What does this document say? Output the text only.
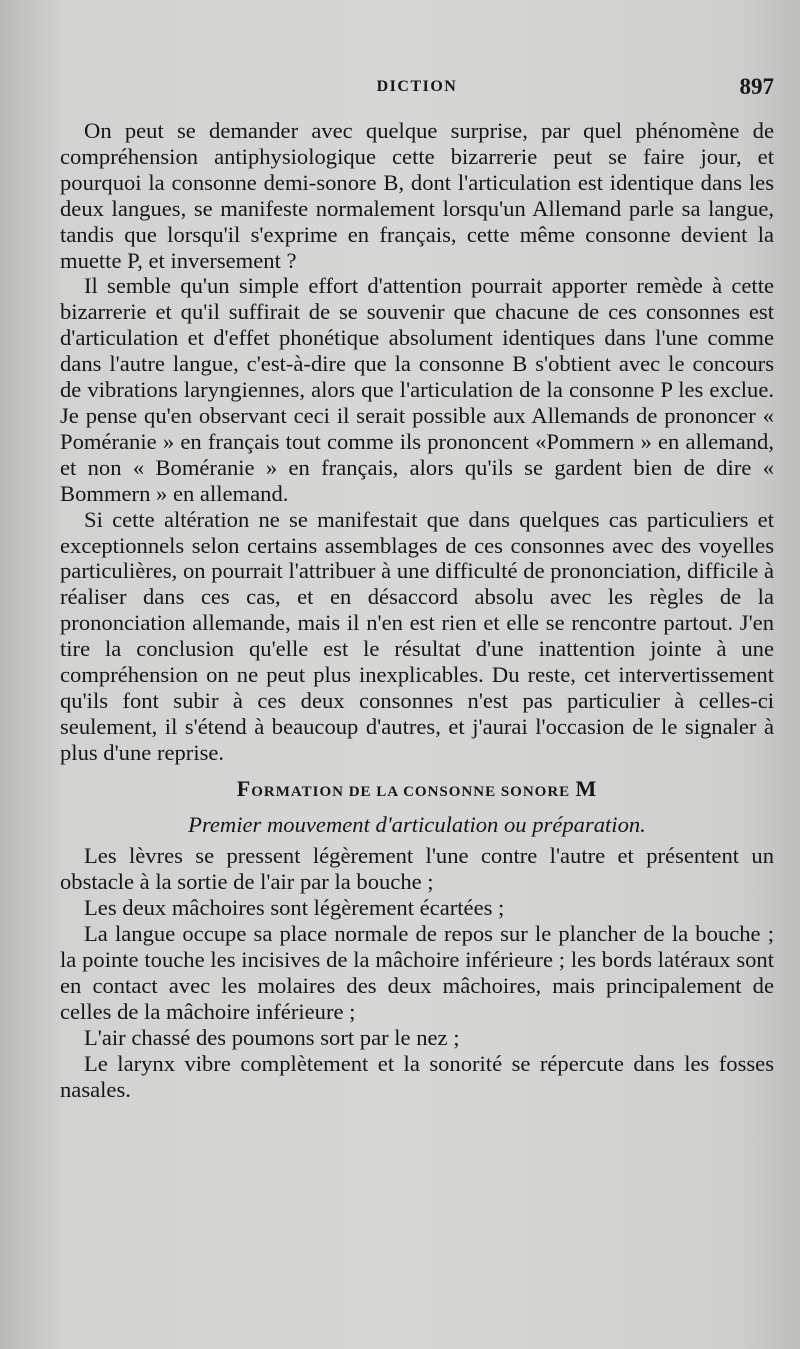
DICTION	897

On peut se demander avec quelque surprise, par quel phénomène de compréhension antiphysiologique cette bizarrerie peut se faire jour, et pourquoi la consonne demi-sonore B, dont l'articulation est identique dans les deux langues, se manifeste normalement lorsqu'un Allemand parle sa langue, tandis que lorsqu'il s'exprime en français, cette même consonne devient la muette P, et inversement ?

Il semble qu'un simple effort d'attention pourrait apporter remède à cette bizarrerie et qu'il suffirait de se souvenir que chacune de ces consonnes est d'articulation et d'effet phonétique absolument identiques dans l'une comme dans l'autre langue, c'est-à-dire que la consonne B s'obtient avec le concours de vibrations laryngiennes, alors que l'articulation de la consonne P les exclue. Je pense qu'en observant ceci il serait possible aux Allemands de prononcer « Poméranie » en français tout comme ils prononcent «Pommern » en allemand, et non « Boméranie » en français, alors qu'ils se gardent bien de dire « Bommern » en allemand.

Si cette altération ne se manifestait que dans quelques cas particuliers et exceptionnels selon certains assemblages de ces consonnes avec des voyelles particulières, on pourrait l'attribuer à une difficulté de prononciation, difficile à réaliser dans ces cas, et en désaccord absolu avec les règles de la prononciation allemande, mais il n'en est rien et elle se rencontre partout. J'en tire la conclusion qu'elle est le résultat d'une inattention jointe à une compréhension on ne peut plus inexplicables. Du reste, cet intervertissement qu'ils font subir à ces deux consonnes n'est pas particulier à celles-ci seulement, il s'étend à beaucoup d'autres, et j'aurai l'occasion de le signaler à plus d'une reprise.

FORMATION DE LA CONSONNE SONORE M
Premier mouvement d'articulation ou préparation.

Les lèvres se pressent légèrement l'une contre l'autre et présentent un obstacle à la sortie de l'air par la bouche ;

Les deux mâchoires sont légèrement écartées ;

La langue occupe sa place normale de repos sur le plancher de la bouche ; la pointe touche les incisives de la mâchoire inférieure ; les bords latéraux sont en contact avec les molaires des deux mâchoires, mais principalement de celles de la mâchoire inférieure ;

L'air chassé des poumons sort par le nez ;

Le larynx vibre complètement et la sonorité se répercute dans les fosses nasales.
